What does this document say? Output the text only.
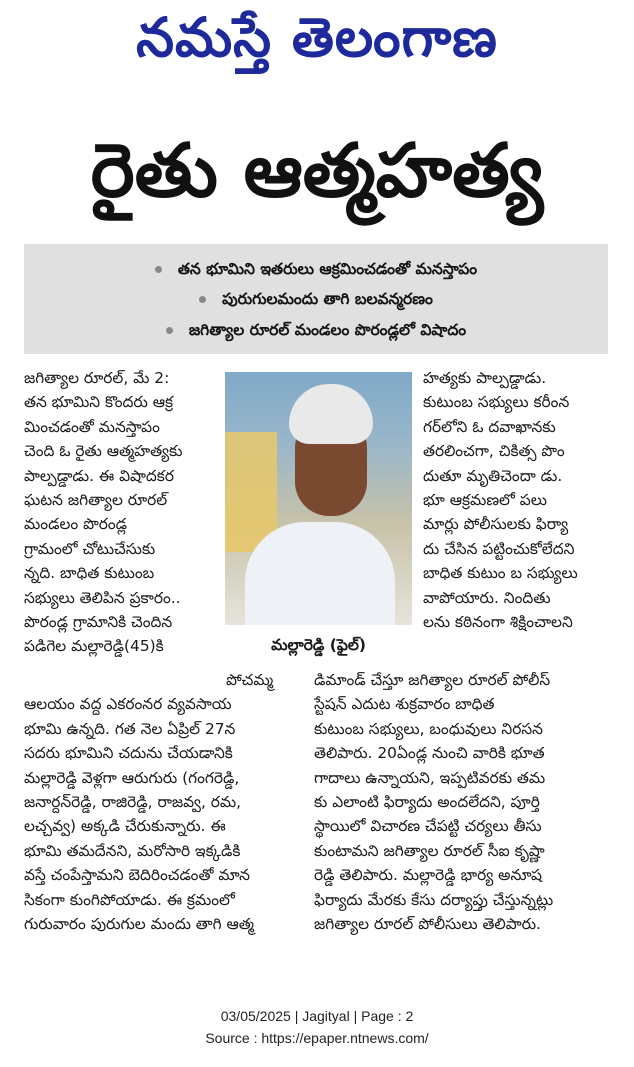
నమస్తే తెలంగాణ
రైతు ఆత్మహత్య
తన భూమిని ఇతరులు ఆక్రమించడంతో మనస్తాపం
పురుగులమందు తాగి బలవన్మరణం
జగిత్యాల రూరల్ మండలం పొరండ్లలో విషాదం
జగిత్యాల రూరల్, మే 2:
తన భూమిని కొందరు ఆక్ర
మించడంతో మనస్తాపం
చెంది ఓ రైతు ఆత్మహత్యకు
పాల్పడ్డాడు. ఈ విషాదకర
ఘటన జగిత్యాల రూరల్
మండలం పొరండ్ల
గ్రామంలో చోటుచేసుకు
న్నది. బాధిత కుటుంబ
సభ్యులు తెలిపిన ప్రకారం..
పొరండ్ల గ్రామానికి చెందిన
పడిగెల మల్లారెడ్డి(45)కి	మల్లారెడ్డి (ఫైల్)
హత్యకు పాల్పడ్డాడు.
కుటుంబ సభ్యులు కరీంన
గర్‌లోని ఓ దవాఖానకు
తరలించగా, చికిత్స పొం
దుతూ మృతిచెందా డు.
భూ ఆక్రమణలో పలు
మార్లు పోలీసులకు ఫిర్యా
దు చేసిన పట్టించుకోలేదని
బాధిత కుటుం బ సభ్యులు
వాపోయారు. నిందితు
లను కఠినంగా శిక్షించాలని
పోచమ్మ
ఆలయం వద్ద ఎకరంనర వ్యవసాయ
భూమి ఉన్నది. గత నెల ఏప్రిల్ 27న
సదరు భూమిని చదును చేయడానికి
మల్లారెడ్డి వెళ్లగా ఆరుగురు (గంగరెడ్డి,
జనార్దన్‌రెడ్డి, రాజిరెడ్డి, రాజవ్వ, రమ,
లచ్చవ్వ) అక్కడి చేరుకున్నారు. ఈ
భూమి తమదేనని, మరోసారి ఇక్కడికి
వస్తే చంపేస్తామని బెదిరించడంతో మాన
సికంగా కుంగిపోయాడు. ఈ క్రమంలో
గురువారం పురుగుల మందు తాగి ఆత్మ
డిమాండ్ చేస్తూ జగిత్యాల రూరల్ పోలీస్
స్టేషన్ ఎదుట శుక్రవారం బాధిత
కుటుంబ సభ్యులు, బంధువులు నిరసన
తెలిపారు. 20ఏండ్ల నుంచి వారికి భూత
గాదాలు ఉన్నాయని, ఇప్పటివరకు తమ
కు ఎలాంటి ఫిర్యాదు అందలేదని, పూర్తి
స్థాయిలో విచారణ చేపట్టి చర్యలు తీసు
కుంటామని జగిత్యాల రూరల్ సీఐ కృష్ణా
రెడ్డి తెలిపారు. మల్లారెడ్డి భార్య అనూష
ఫిర్యాదు మేరకు కేసు దర్యాప్తు చేస్తున్నట్లు
జగిత్యాల రూరల్ పోలీసులు తెలిపారు.
03/05/2025 | Jagityal | Page : 2
Source : https://epaper.ntnews.com/
